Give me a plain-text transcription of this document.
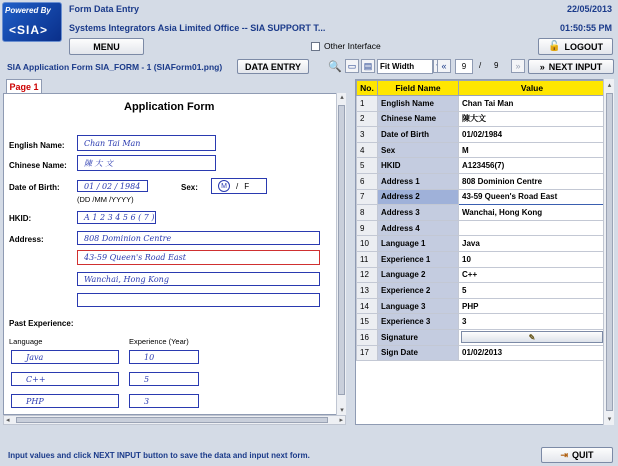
Powered By
<SIA>
Form Data Entry
Systems Integrators Asia Limited Office -- SIA SUPPORT T...
22/05/2013
01:50:55 PM
MENU	Other Interface	🔓 LOGOUT
SIA Application Form SIA_FORM - 1 (SIAForm01.png)	DATA ENTRY 🔍 ▭ ▤ Fit Width	«	9 / 9	»	» NEXT INPUT
Page 1
Application Form
English Name:	Chan Tai Man
Chinese Name:	陳 大 文
Date of Birth:	01 / 02 / 1984
(DD /MM /YYYY)
Sex:	M	/ F
HKID:	A 1 2 3 4 5 6 ( 7 )
Address:	808 Dominion Centre
43-59 Queen's Road East
Wanchai, Hong Kong
Past Experience:
Language	Experience (Year)
Java	10
C++	5
PHP	3
▴
▾
◂	▸
No.	Field Name	Value
1	English Name	Chan Tai Man
2	Chinese Name	陳大文
3	Date of Birth	01/02/1984
4	Sex	M
5	HKID	A123456(7)
6	Address 1	808 Dominion Centre
7	Address 2	43-59 Queen's Road East
8	Address 3	Wanchai, Hong Kong
9	Address 4	
10	Language 1	Java
11	Experience 1	10
12	Language 2	C++
13	Experience 2	5
14	Language 3	PHP
15	Experience 3	3
16	Signature	✎

17	Sign Date	01/02/2013
▴
▾
Input values and click NEXT INPUT button to save the data and input next form.	⇥ QUIT
